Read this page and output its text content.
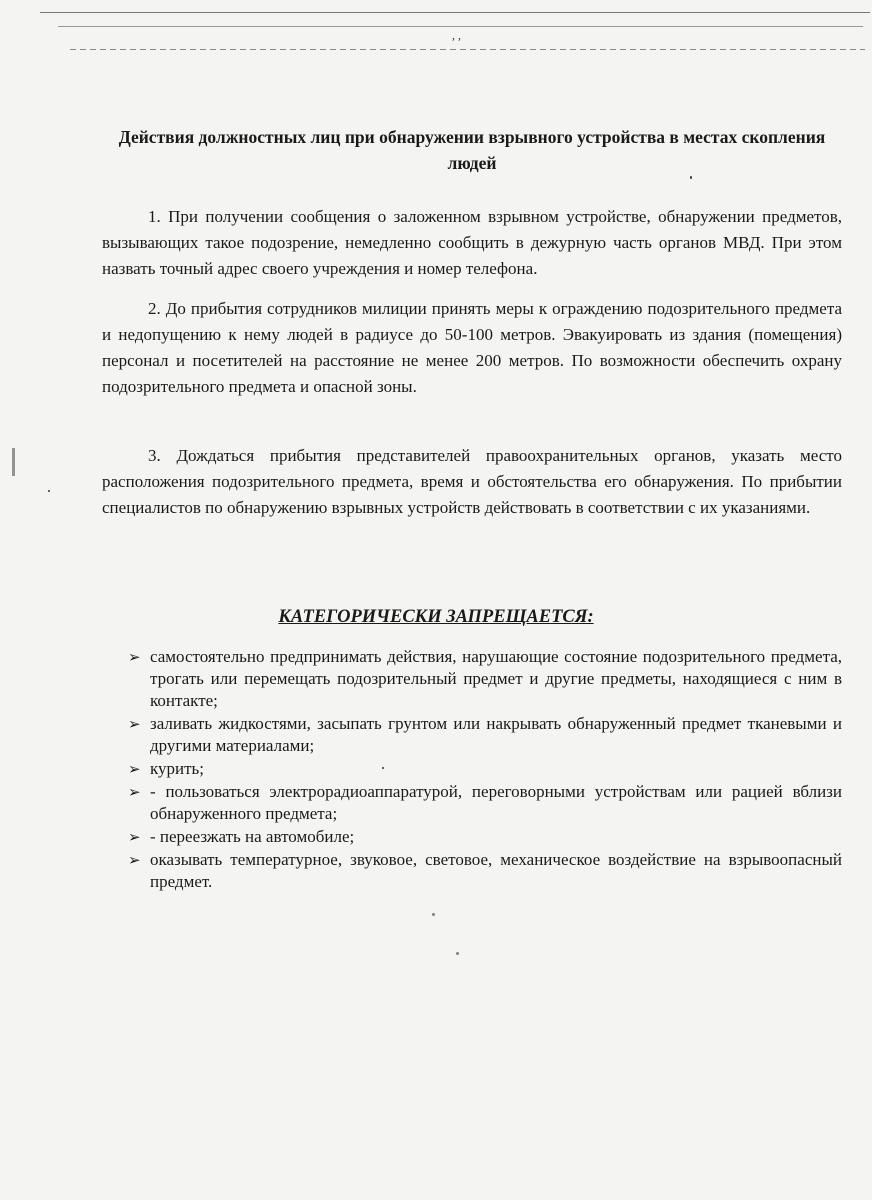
, ,
Действия должностных лиц при обнаружении взрывного устройства в местах скопления людей

1. При получении сообщения о заложенном взрывном устройстве, обнаружении предметов, вызывающих такое подозрение, немедленно сообщить в дежурную часть органов МВД. При этом назвать точный адрес своего учреждения и номер телефона.

2. До прибытия сотрудников милиции принять меры к ограждению подозрительного предмета и недопущению к нему людей в радиусе до 50-100 метров. Эвакуировать из здания (помещения) персонал и посетителей на расстояние не менее 200 метров. По возможности обеспечить охрану подозрительного предмета и опасной зоны.

3. Дождаться прибытия представителей правоохранительных органов, указать место расположения подозрительного предмета, время и обстоятельства его обнаружения. По прибытии специалистов по обнаружению взрывных устройств действовать в соответствии с их указаниями.

КАТЕГОРИЧЕСКИ ЗАПРЕЩАЕТСЯ:
➢ самостоятельно предпринимать действия, нарушающие состояние подозрительного предмета, трогать или перемещать подозрительный предмет и другие предметы, находящиеся с ним в контакте;
➢ заливать жидкостями, засыпать грунтом или накрывать обнаруженный предмет тканевыми и другими материалами;
➢ курить;
➢ - пользоваться электрорадиоаппаратурой, переговорными устройствам или рацией вблизи обнаруженного предмета;
➢ - переезжать на автомобиле;
➢ оказывать температурное, звуковое, световое, механическое воздействие на взрывоопасный предмет.
